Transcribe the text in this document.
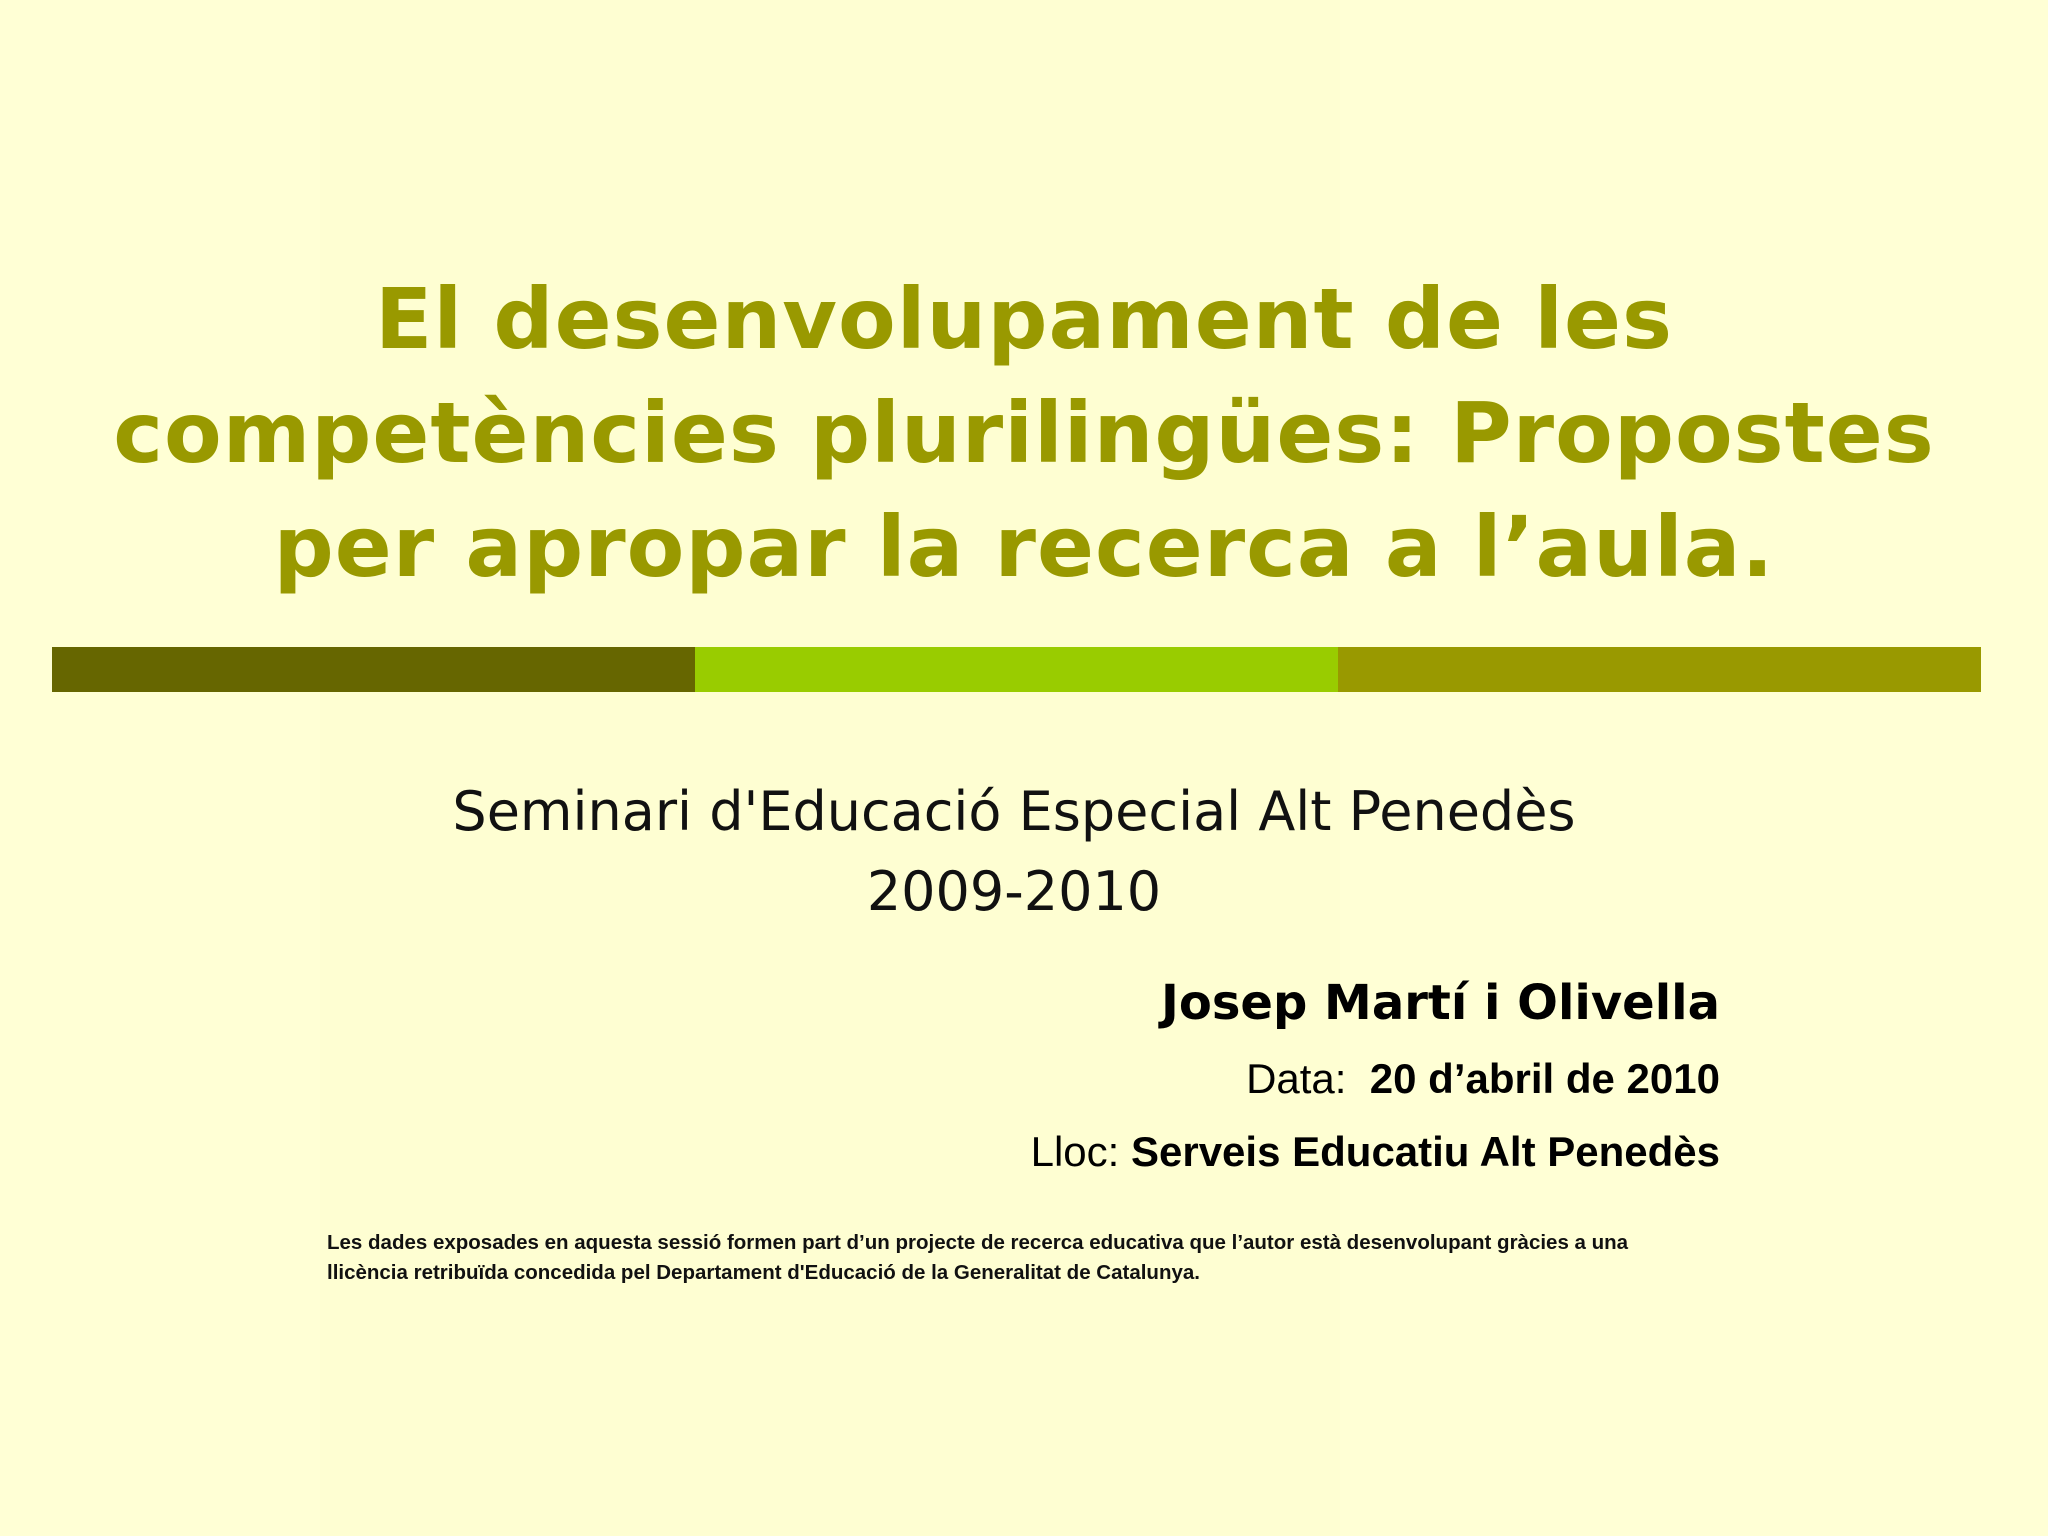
El desenvolupament de les
competències plurilingües: Propostes
per apropar la recerca a l’aula.
Seminari d'Educació Especial Alt Penedès
2009-2010
Josep Martí i Olivella
Data: 20 d’abril de 2010
Lloc: Serveis Educatiu Alt Penedès
Les dades exposades en aquesta sessió formen part d’un projecte de recerca educativa que l’autor està desenvolupant gràcies a una
llicència retribuïda concedida pel Departament d'Educació de la Generalitat de Catalunya.
